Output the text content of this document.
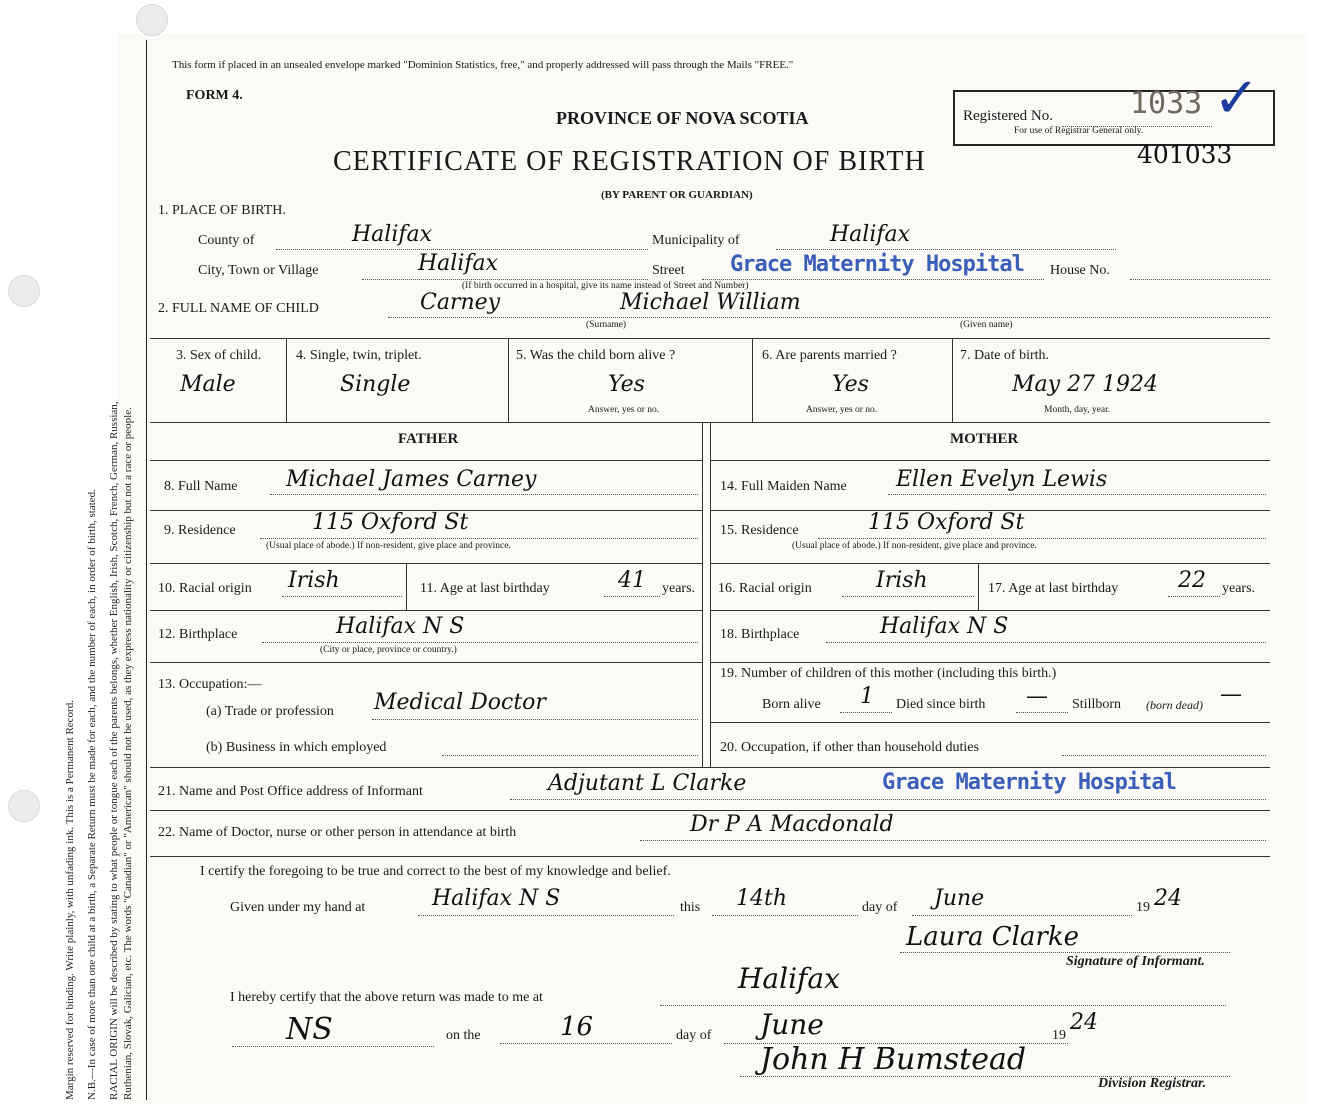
Margin reserved for binding. Write plainly, with unfading ink. This is a Permanent Record. N.B.—In case of more than one child at a birth, a Separate Return must be made for each, and the number of each, in order of birth, stated. RACIAL ORIGIN will be described by stating to what people or tongue each of the parents belongs, whether English, Irish, Scotch, French, German, Russian, Ruthenian, Slovak, Galician, etc. The words "Canadian" or "American" should not be used, as they express nationality or citizenship but not a race or people.
This form if placed in an unsealed envelope marked "Dominion Statistics, free," and properly addressed will pass through the Mails "FREE."
FORM 4.
PROVINCE OF NOVA SCOTIA
CERTIFICATE OF REGISTRATION OF BIRTH
(BY PARENT OR GUARDIAN)
Registered No.	1033
For use of Registrar General only. ✓
401033
1. PLACE OF BIRTH.
County of	Halifax	Municipality of	Halifax
City, Town or Village	Halifax	Street Grace Maternity Hospital House No.
(If birth occurred in a hospital, give its name instead of Street and Number)
2. FULL NAME OF CHILD	Carney	Michael William
(Surname)	(Given name)
3. Sex of child.
Male
4. Single, twin, triplet.
Single
5. Was the child born alive ?
Yes
Answer, yes or no.
6. Are parents married ?
Yes
Answer, yes or no.
7. Date of birth.
May 27 1924
Month, day, year.
FATHER	MOTHER
8. Full Name Michael James Carney
9. Residence	115 Oxford St
(Usual place of abode.) If non-resident, give place and province.
10. Racial origin Irish	11. Age at last birthday	41 years.
12. Birthplace	Halifax N S
(City or place, province or country.)
13. Occupation:—
(a) Trade or profession Medical Doctor
(b) Business in which employed
14. Full Maiden Name Ellen Evelyn Lewis
15. Residence	115 Oxford St
(Usual place of abode.) If non-resident, give place and province.
16. Racial origin	Irish	17. Age at last birthday	22 years.
18. Birthplace	Halifax N S
19. Number of children of this mother (including this birth.)
Born alive 1 Died since birth — Stillborn (born dead) —
20. Occupation, if other than household duties
21. Name and Post Office address of Informant	Adjutant L Clarke	Grace Maternity Hospital
22. Name of Doctor, nurse or other person in attendance at birth	Dr P A Macdonald
I certify the foregoing to be true and correct to the best of my knowledge and belief.
Given under my hand at	Halifax N S	this 14th	day of June	19 24
Laura Clarke
Signature of Informant.
I hereby certify that the above return was made to me at
Halifax
NS	on the	16	day of June	19
24
John H Bumstead
Division Registrar.
